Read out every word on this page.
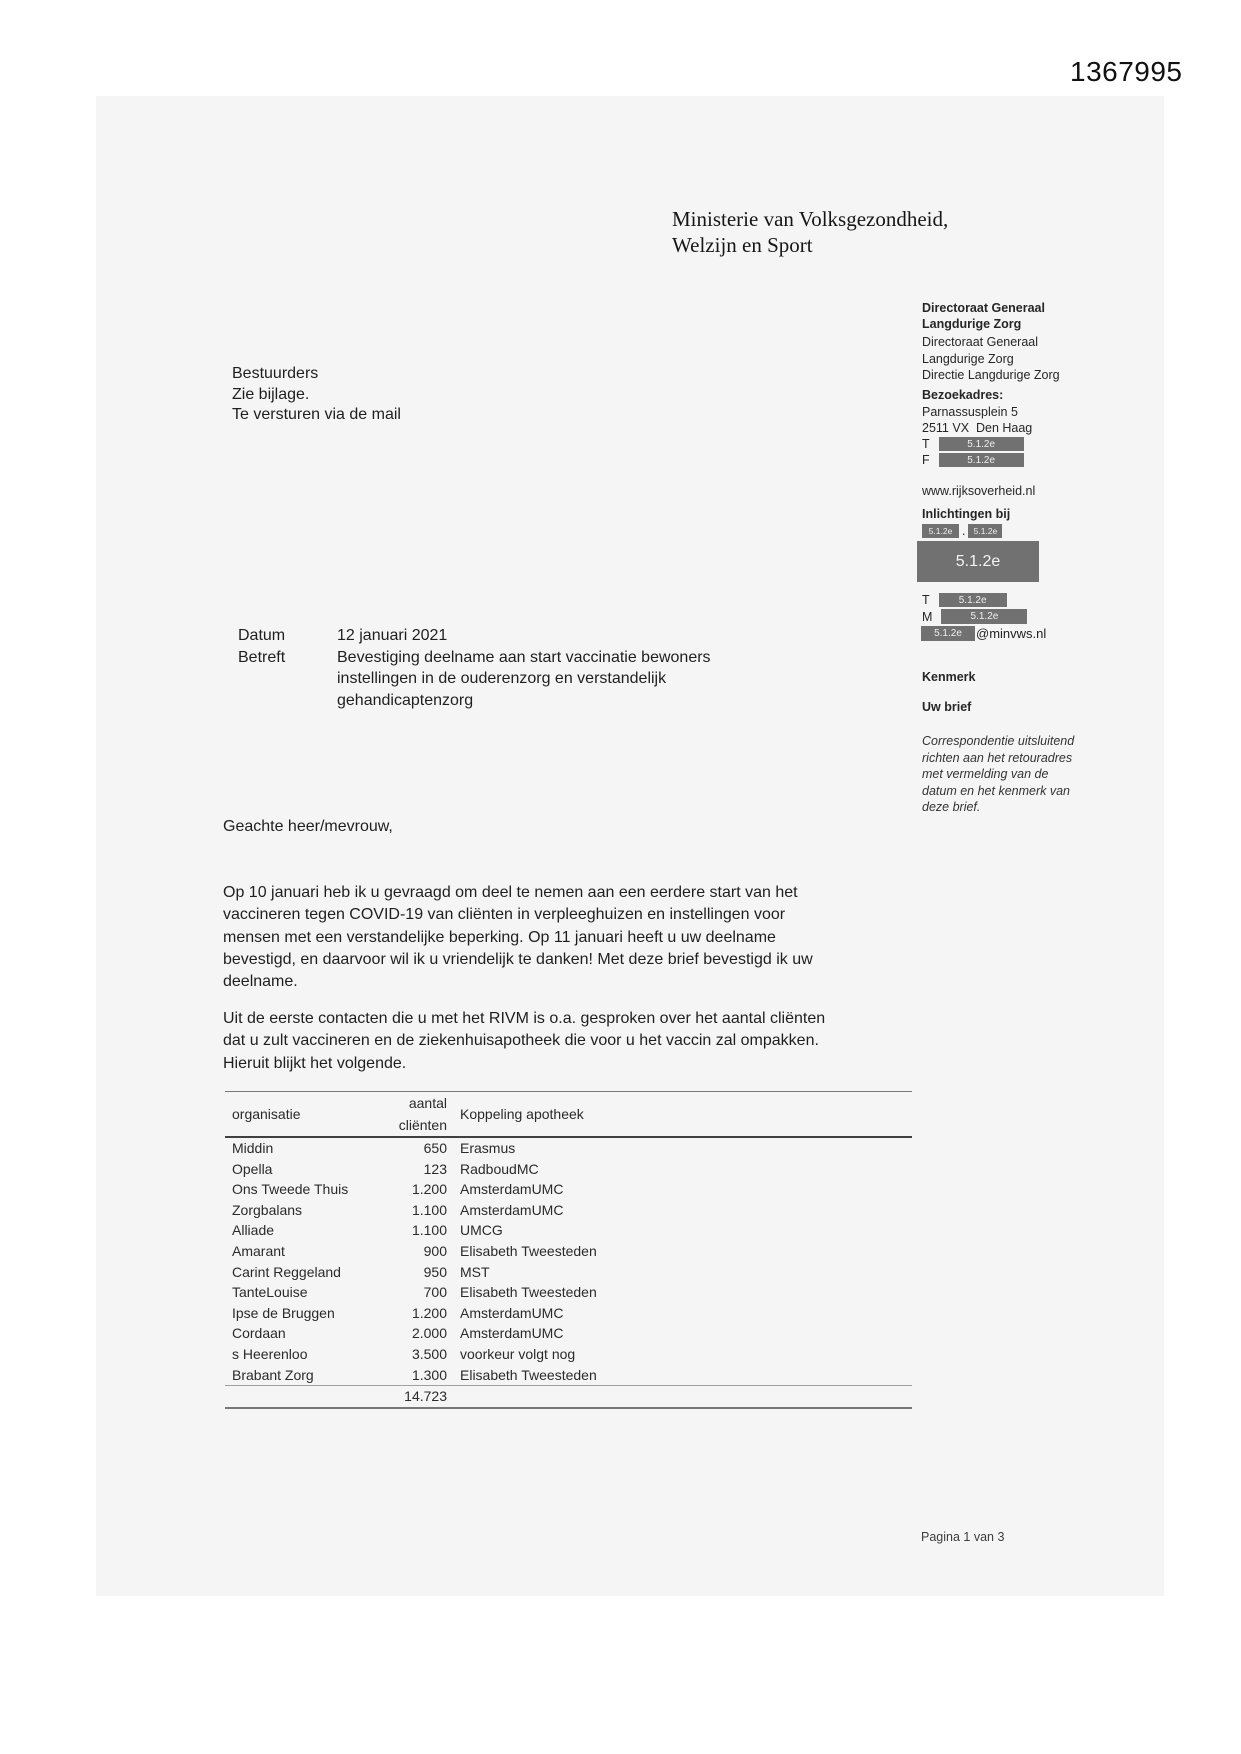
1367995
Ministerie van Volksgezondheid,
Welzijn en Sport
Directoraat Generaal
Langdurige Zorg
Directoraat Generaal
Langdurige Zorg
Directie Langdurige Zorg
Bezoekadres:
Parnassusplein 5
2511 VX  Den Haag
T	5.1.2e
F	5.1.2e
www.rijksoverheid.nl
Inlichtingen bij
5.1.2e . 5.1.2e
5.1.2e
T	5.1.2e
M	5.1.2e
5.1.2e	@minvws.nl
Kenmerk
Uw brief
Correspondentie uitsluitend richten aan het retouradres met vermelding van de datum en het kenmerk van deze brief.
Bestuurders
Zie bijlage.
Te versturen via de mail
Datum	12 januari 2021
Betreft	Bevestiging deelname aan start vaccinatie bewoners instellingen in de ouderenzorg en verstandelijk gehandicaptenzorg
Geachte heer/mevrouw,
Op 10 januari heb ik u gevraagd om deel te nemen aan een eerdere start van het vaccineren tegen COVID-19 van cliënten in verpleeghuizen en instellingen voor mensen met een verstandelijke beperking. Op 11 januari heeft u uw deelname bevestigd, en daarvoor wil ik u vriendelijk te danken! Met deze brief bevestigd ik uw deelname.
Uit de eerste contacten die u met het RIVM is o.a. gesproken over het aantal cliënten dat u zult vaccineren en de ziekenhuisapotheek die voor u het vaccin zal ompakken. Hieruit blijkt het volgende.
organisatie	aantal cliënten	Koppeling apotheek
Middin	650	Erasmus
Opella	123	RadboudMC
Ons Tweede Thuis	1.200	AmsterdamUMC
Zorgbalans	1.100	AmsterdamUMC
Alliade	1.100	UMCG
Amarant	900	Elisabeth Tweesteden
Carint Reggeland	950	MST
TanteLouise	700	Elisabeth Tweesteden
Ipse de Bruggen	1.200	AmsterdamUMC
Cordaan	2.000	AmsterdamUMC
s Heerenloo	3.500	voorkeur volgt nog
Brabant Zorg	1.300	Elisabeth Tweesteden
	14.723	
Pagina 1 van 3
